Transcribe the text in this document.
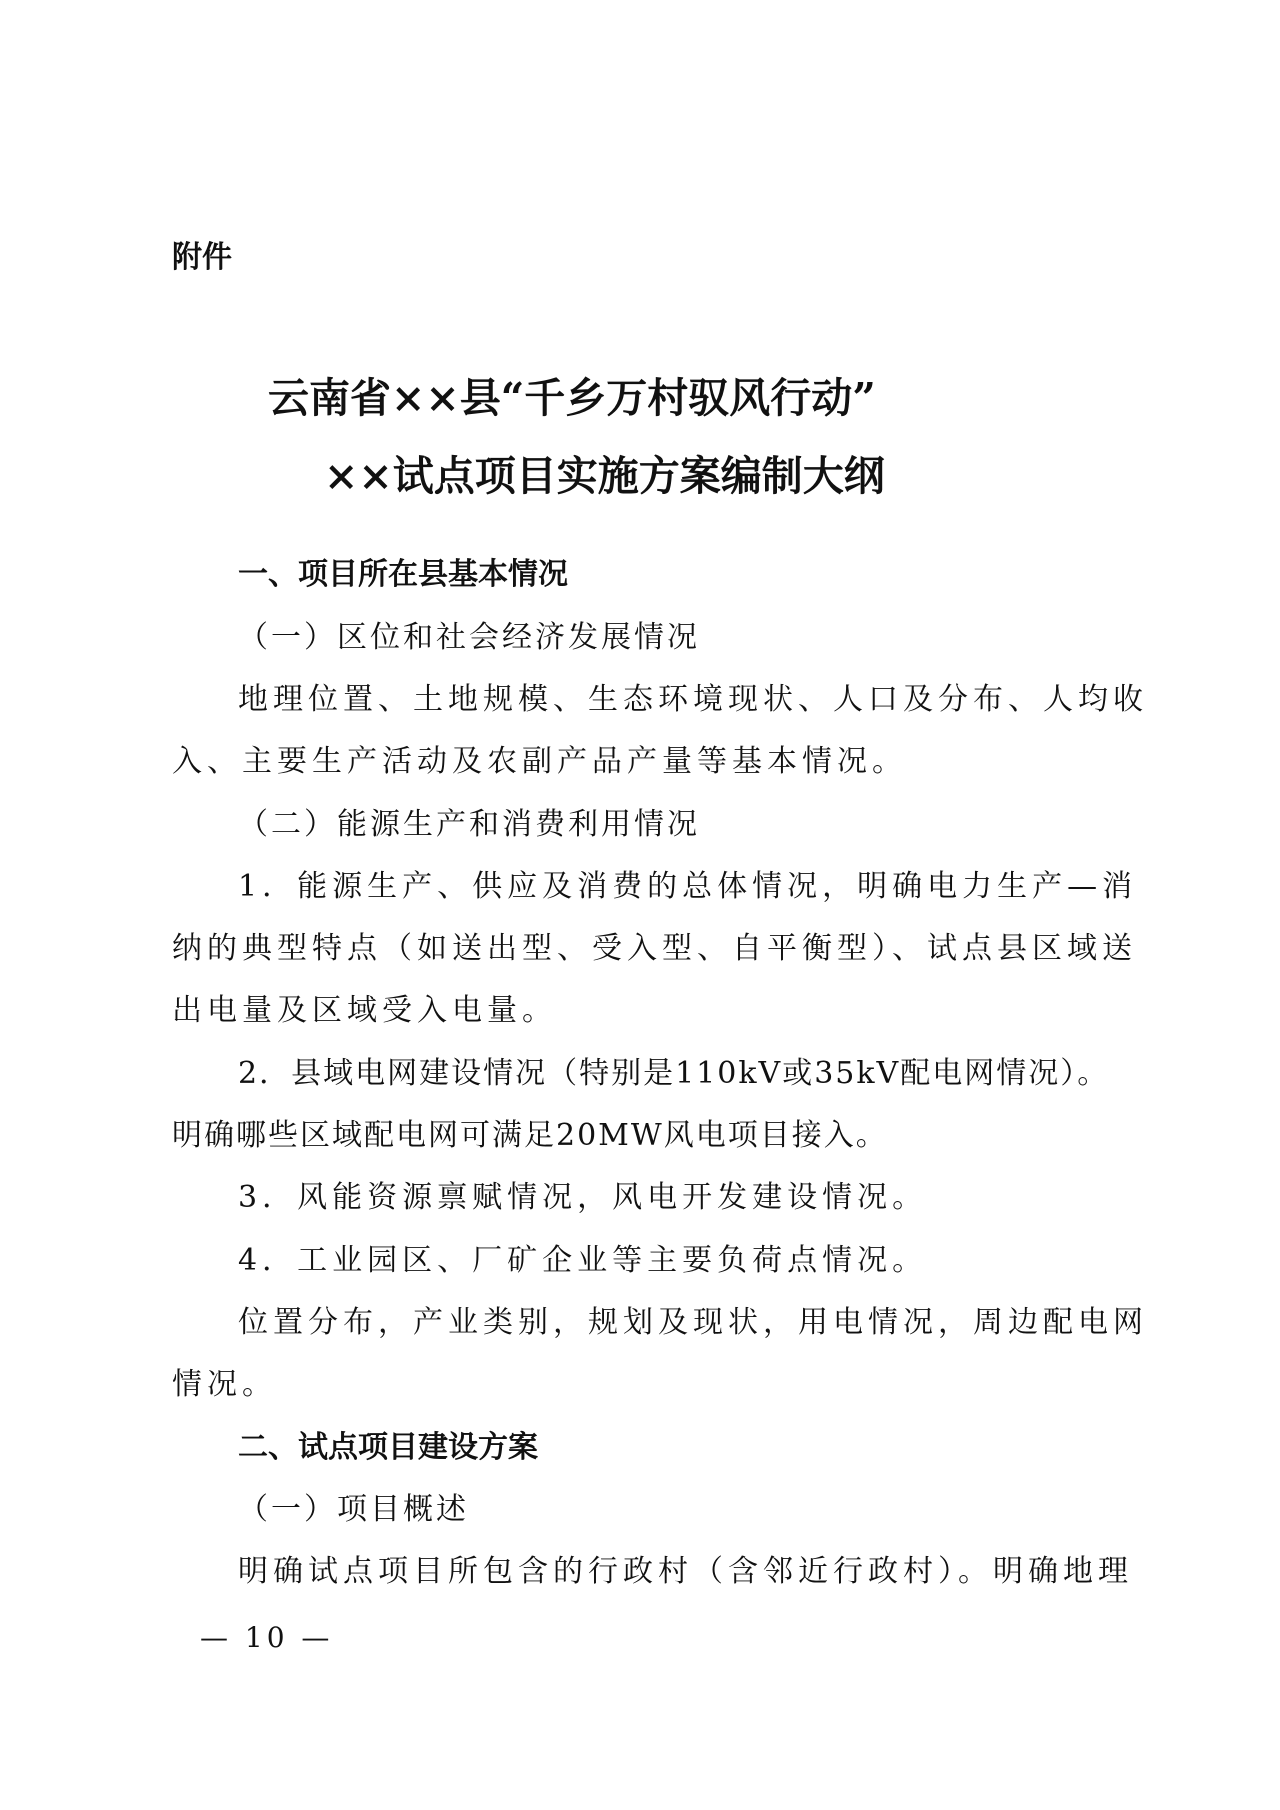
附件
云南省××县“千乡万村驭风行动”
××试点项目实施方案编制大纲
一、项目所在县基本情况
（一）区位和社会经济发展情况
地理位置、土地规模、生态环境现状、人口及分布、人均收
入、主要生产活动及农副产品产量等基本情况。
（二）能源生产和消费利用情况
1．能源生产、供应及消费的总体情况，明确电力生产—消
纳的典型特点（如送出型、受入型、自平衡型）、试点县区域送
出电量及区域受入电量。
2．县域电网建设情况（特别是110kV或35kV配电网情况）。
明确哪些区域配电网可满足20MW风电项目接入。
3．风能资源禀赋情况，风电开发建设情况。
4．工业园区、厂矿企业等主要负荷点情况。
位置分布，产业类别，规划及现状，用电情况，周边配电网
情况。
二、试点项目建设方案
（一）项目概述
明确试点项目所包含的行政村（含邻近行政村）。明确地理
— 10 —
